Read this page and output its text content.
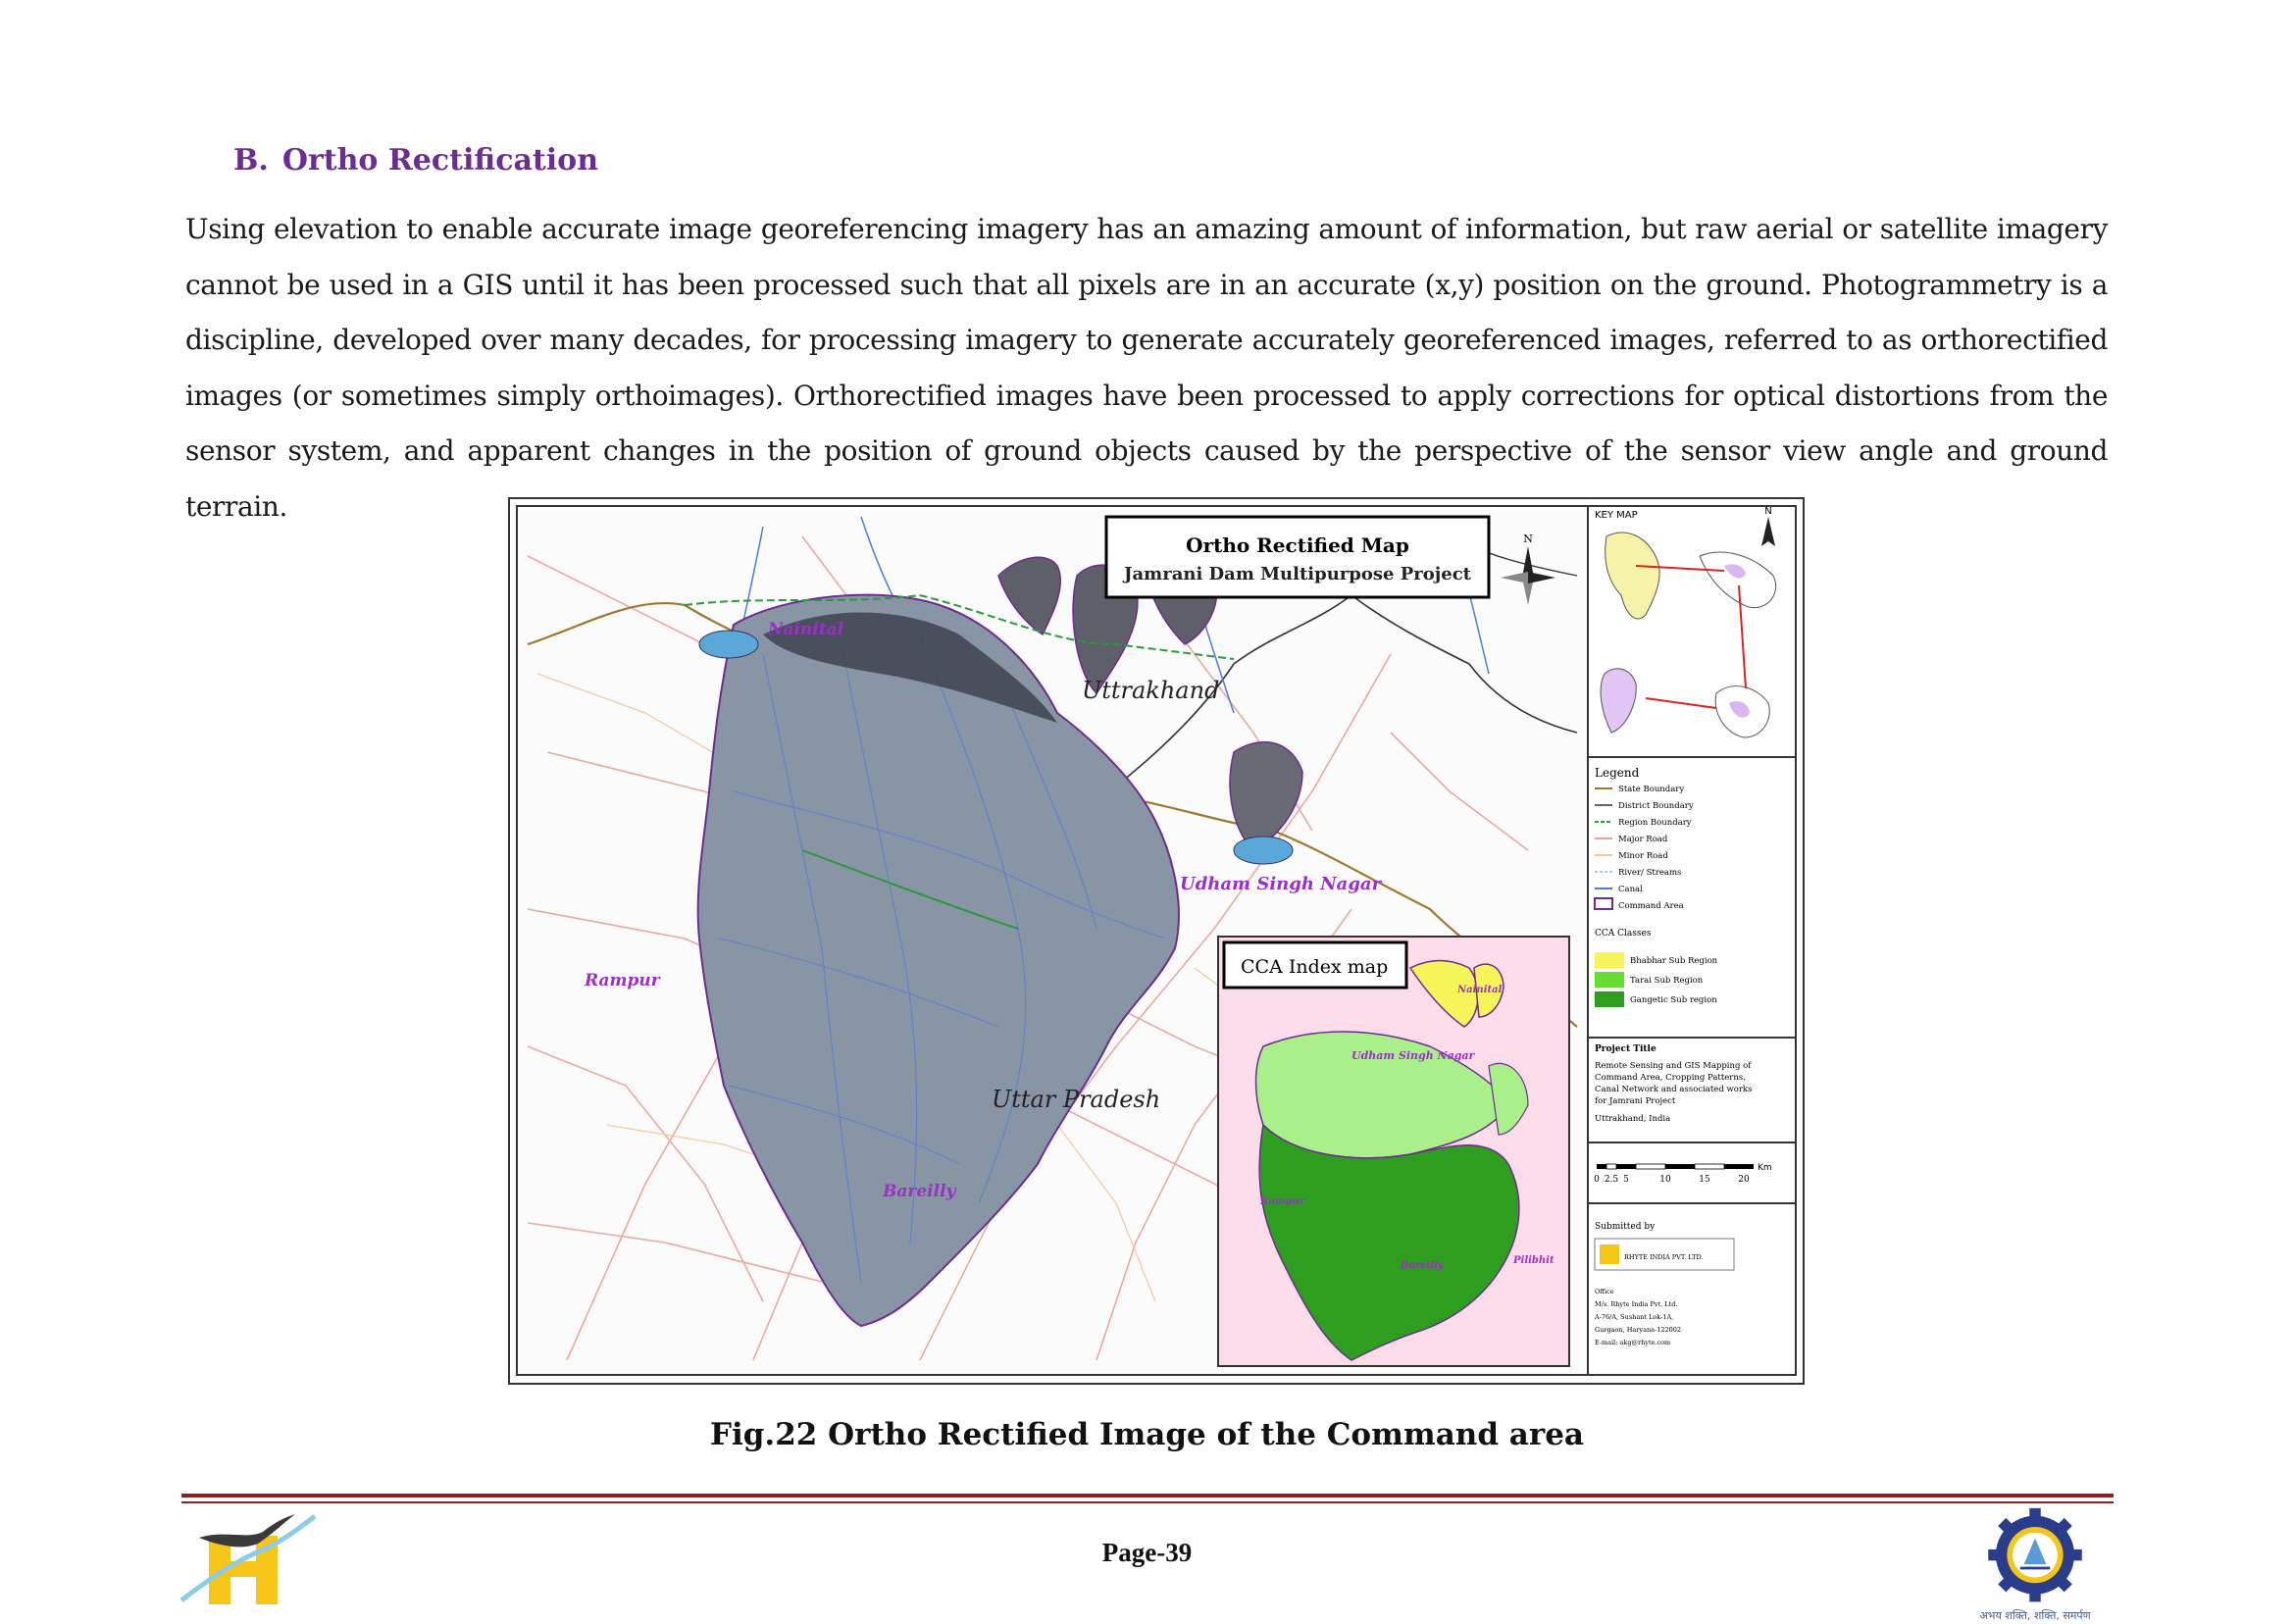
B. Ortho Rectification
Using elevation to enable accurate image georeferencing imagery has an amazing amount of information, but raw aerial or satellite imagery cannot be used in a GIS until it has been processed such that all pixels are in an accurate (x,y) position on the ground. Photogrammetry is a discipline, developed over many decades, for processing imagery to generate accurately georeferenced images, referred to as orthorectified images (or sometimes simply orthoimages). Orthorectified images have been processed to apply corrections for optical distortions from the sensor system, and apparent changes in the position of ground objects caused by the perspective of the sensor view angle and ground terrain.
Ortho Rectified Map
Jamrani Dam Multipurpose Project
N
Nainital
Uttrakhand
Udham Singh Nagar
Rampur
Uttar Pradesh
Bareilly
CCA Index map
Nainital
Udham Singh Nagar
Rampur
Bareilly	Pilibhit
KEY MAP	N
Legend
State Boundary
District Boundary
Region Boundary
Major Road
Minor Road
River/ Streams
Canal
Command Area
CCA Classes
Bhabhar Sub Region
Tarai Sub Region
Gangetic Sub region
Project Title
Remote Sensing and GIS Mapping of
Command Area, Cropping Patterns,
Canal Network and associated works
for Jamrani Project
Uttrakhand, India
Km
0 2.5 5	10	15	20
Submitted by
RHYTE INDIA PVT. LTD.
Office
M/s. Rhyte India Pvt. Ltd.
A-76/A, Sushant Lok-1A,
Gurgaon, Haryana-122002
E-mail: akg@rhyte.com
Fig.22 Ortho Rectified Image of the Command area
Page-39
अभय शक्ति, शक्ति, समर्पण
